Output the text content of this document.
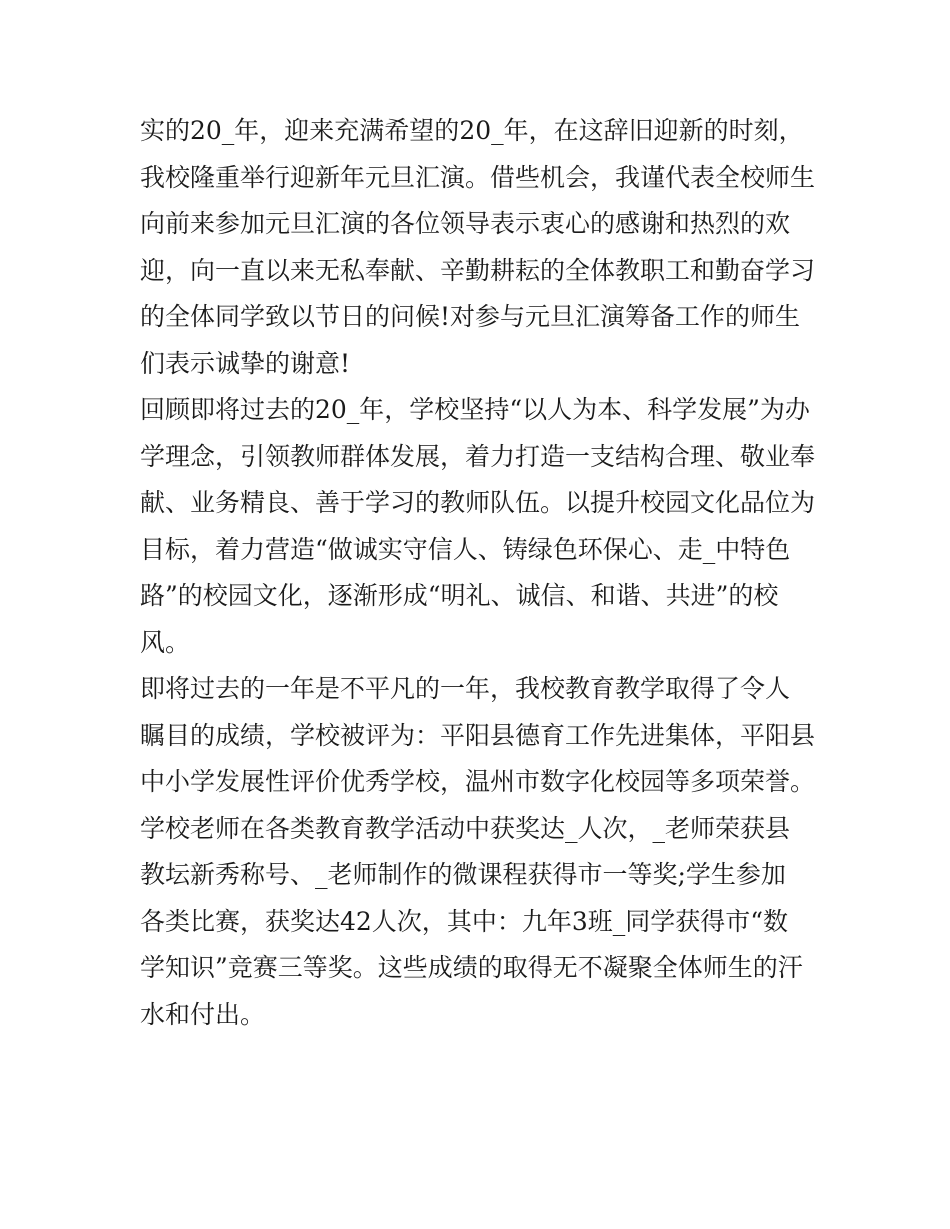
实的20_年，迎来充满希望的20_年，在这辞旧迎新的时刻，
我校隆重举行迎新年元旦汇演。借些机会，我谨代表全校师生
向前来参加元旦汇演的各位领导表示衷心的感谢和热烈的欢
迎，向一直以来无私奉献、辛勤耕耘的全体教职工和勤奋学习
的全体同学致以节日的问候!对参与元旦汇演筹备工作的师生
们表示诚挚的谢意!
回顾即将过去的20_年，学校坚持“以人为本、科学发展”为办
学理念，引领教师群体发展，着力打造一支结构合理、敬业奉
献、业务精良、善于学习的教师队伍。以提升校园文化品位为
目标，着力营造“做诚实守信人、铸绿色环保心、走_中特色
路”的校园文化，逐渐形成“明礼、诚信、和谐、共进”的校
风。
即将过去的一年是不平凡的一年，我校教育教学取得了令人
瞩目的成绩，学校被评为：平阳县德育工作先进集体，平阳县
中小学发展性评价优秀学校，温州市数字化校园等多项荣誉。
学校老师在各类教育教学活动中获奖达_人次，_老师荣获县
教坛新秀称号、_老师制作的微课程获得市一等奖;学生参加
各类比赛，获奖达42人次，其中：九年3班_同学获得市“数
学知识”竞赛三等奖。这些成绩的取得无不凝聚全体师生的汗
水和付出。
